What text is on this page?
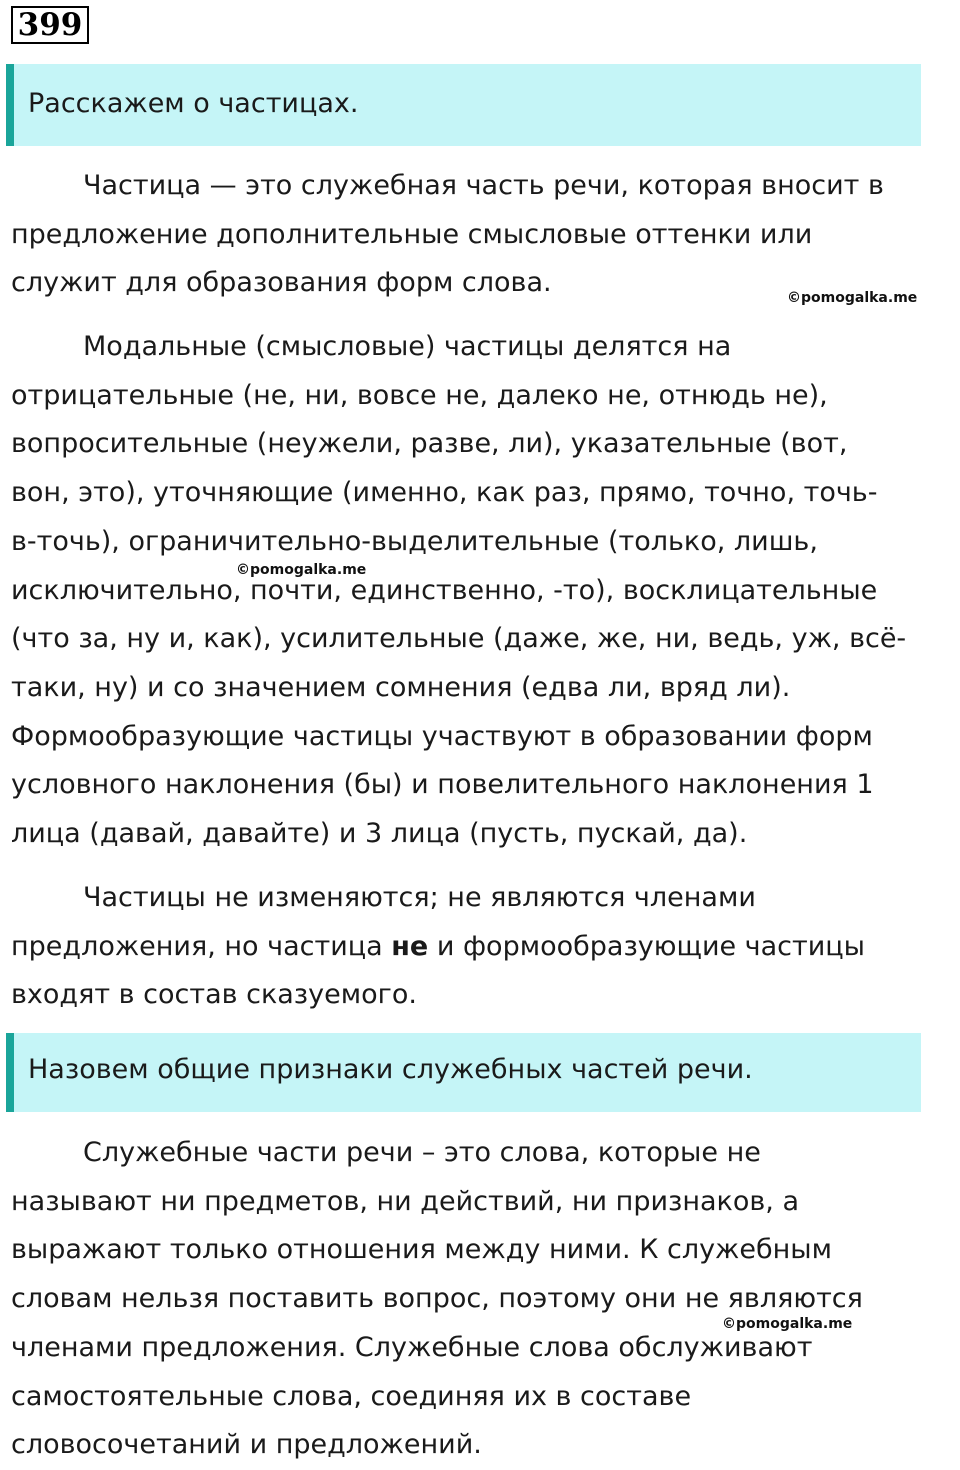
399
Расскажем о частицах.

Частица — это служебная часть речи, которая вносит в
предложение дополнительные смысловые оттенки или
служит для образования форм слова.

Модальные (смысловые) частицы делятся на
отрицательные (не, ни, вовсе не, далеко не, отнюдь не),
вопросительные (неужели, разве, ли), указательные (вот,
вон, это), уточняющие (именно, как раз, прямо, точно, точь-
в-точь), ограничительно-выделительные (только, лишь,
исключительно, почти, единственно, -то), восклицательные
(что за, ну и, как), усилительные (даже, же, ни, ведь, уж, всё-
таки, ну) и со значением сомнения (едва ли, вряд ли).
Формообразующие частицы участвуют в образовании форм
условного наклонения (бы) и повелительного наклонения 1
лица (давай, давайте) и 3 лица (пусть, пускай, да).

Частицы не изменяются; не являются членами
предложения, но частица не и формообразующие частицы
входят в состав сказуемого.

Назовем общие признаки служебных частей речи.

Служебные части речи – это слова, которые не
называют ни предметов, ни действий, ни признаков, а
выражают только отношения между ними. К служебным
словам нельзя поставить вопрос, поэтому они не являются
членами предложения. Служебные слова обслуживают
самостоятельные слова, соединяя их в составе
словосочетаний и предложений.

©pomogalka.me
©pomogalka.me
©pomogalka.me
